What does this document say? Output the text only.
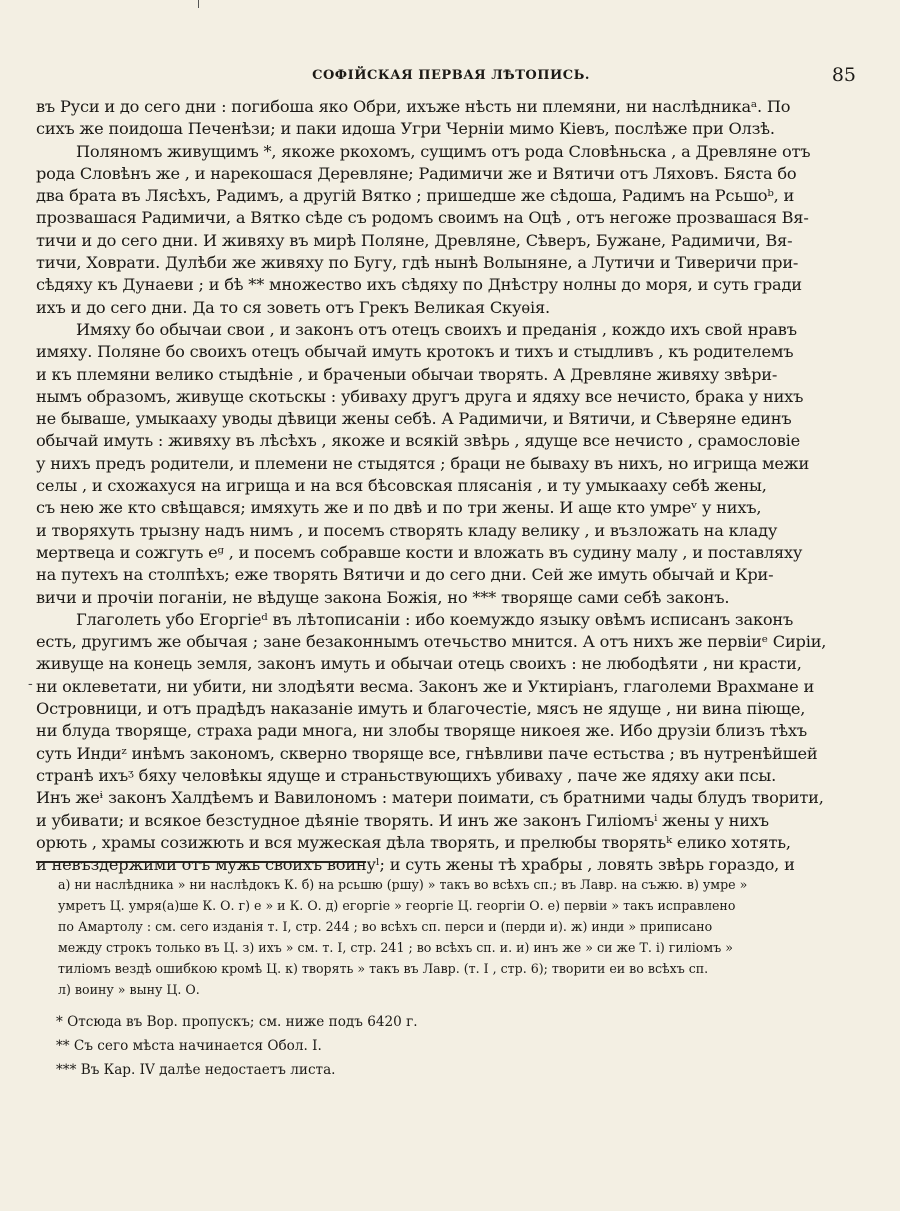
СОФІЙСКАЯ ПЕРВАЯ ЛѢТОПИСЬ.	85
въ Руси и до сего дни : погибоша яко Обри, ихъже нѣсть ни племяни, ни наслѣдникаᵃ. По
сихъ же поидоша Печенѣзи; и паки идоша Угри Черніи мимо Кіевъ, послѣже при Олзѣ.
Поляномъ живущимъ *, якоже ркохомъ, сущимъ отъ рода Словѣньска , а Древляне отъ
рода Словѣнъ же , и нарекошася Деревляне; Радимичи же и Вятичи отъ Ляховъ. Бяста бо
два брата въ Лясѣхъ, Радимъ, а другій Вятко ; пришедше же сѣдоша, Радимъ на Рсьшоᵇ, и
прозвашася Радимичи, а Вятко сѣде съ родомъ своимъ на Оцѣ , отъ негоже прозвашася Вя-
тичи и до сего дни. И живяху въ мирѣ Поляне, Древляне, Сѣверъ, Бужане, Радимичи, Вя-
тичи, Ховрати. Дулѣби же живяху по Бугу, гдѣ нынѣ Волыняне, а Лутичи и Тиверичи при-
сѣдяху къ Дунаеви ; и бѣ ** множество ихъ сѣдяху по Днѣстру нолны до моря, и суть гради
ихъ и до сего дни. Да то ся зоветь отъ Грекъ Великая Скуѳія.
Имяху бо обычаи свои , и законъ отъ отецъ своихъ и преданія , кождо ихъ свой нравъ
имяху. Поляне бо своихъ отецъ обычай имуть кротокъ и тихъ и стыдливъ , къ родителемъ
и къ племяни велико стыдѣніе , и браченыи обычаи творять. А Древляне живяху звѣри-
нымъ образомъ, живуще скотьскы : убиваху другъ друга и ядяху все нечисто, брака у нихъ
не бываше, умыкааху уводы дѣвици жены себѣ. А Радимичи, и Вятичи, и Сѣверяне единъ
обычай имуть : живяху въ лѣсѣхъ , якоже и всякій звѣрь , ядуще все нечисто , срамословіе
у нихъ предъ родители, и племени не стыдятся ; браци не бываху въ нихъ, но игрища межи
селы , и схожахуся на игрища и на вся бѣсовская плясанія , и ту умыкааху себѣ жены,
съ нею же кто свѣщався; имяхуть же и по двѣ и по три жены. И аще кто умреᵛ у нихъ,
и творяхуть трызну надъ нимъ , и посемъ створять кладу велику , и възложать на кладу
мертвеца и сожгуть еᵍ , и посемъ собравше кости и вложать въ судину малу , и поставляху
на путехъ на столпѣхъ; еже творять Вятичи и до сего дни. Сей же имуть обычай и Кри-
вичи и прочіи поганіи, не вѣдуще закона Божія, но *** творяще сами себѣ законъ.
Глаголеть убо Егоргіеᵈ въ лѣтописаніи : ибо коемуждо языку овѣмъ исписанъ законъ
есть, другимъ же обычая ; зане безаконнымъ отечьство мнится. А отъ нихъ же первіиᵉ Сиріи,
живуще на конець земля, законъ имуть и обычаи отець своихъ : не любодѣяти , ни красти,
ни оклеветати, ни убити, ни злодѣяти весма. Законъ же и Уктиріанъ, глаголеми Врахмане и
Островници, и отъ прадѣдъ наказаніе имуть и благочестіе, мясъ не ядуще , ни вина піюще,
ни блуда творяще, страха ради многа, ни злобы творяще никоея же. Ибо друзіи близъ тѣхъ
суть Индиᶻ инѣмъ закономъ, скверно творяще все, гнѣвливи паче естьства ; въ нутренѣйшей
странѣ ихъᶾ бяху человѣкы ядуще и страньствующихъ убиваху , паче же ядяху аки псы.
Инъ жеᶤ законъ Халдѣемъ и Вавилономъ : матери поимати, съ братними чады блудъ творити,
и убивати; и всякое безстудное дѣяніе творять. И инъ же законъ Гиліомъⁱ жены у нихъ
орють , храмы созижють и вся мужеская дѣла творять, и прелюбы творятьᵏ елико хотять,
и невъздержими отъ мужь своихъ воинуˡ; и суть жены тѣ храбры , ловять звѣрь гораздо, и
а) ни наслѣдника » ни наслѣдокъ К. б) на рсьшю (ршу) » такъ во всѣхъ сп.; въ Лавр. на съжю. в) умре »
умретъ Ц. умря(а)ше К. О. г) е » и К. О. д) егоргіе » георгіе Ц. георгіи О. е) первіи » такъ исправлено
по Амартолу : см. сего изданія т. I, стр. 244 ; во всѣхъ сп. перси и (перди и). ж) инди » приписано
между строкъ только въ Ц. з) ихъ » см. т. I, стр. 241 ; во всѣхъ сп. и. и) инъ же » си же Т. і) гиліомъ »
тиліомъ вездѣ ошибкою кромѣ Ц. к) творять » такъ въ Лавр. (т. I , стр. 6); творити еи во всѣхъ сп.
л) воину » выну Ц. О.
* Отсюда въ Вор. пропускъ; см. ниже подъ 6420 г.
** Съ сего мѣста начинается Обол. I.
*** Въ Кар. IV далѣе недостаетъ листа.
-
